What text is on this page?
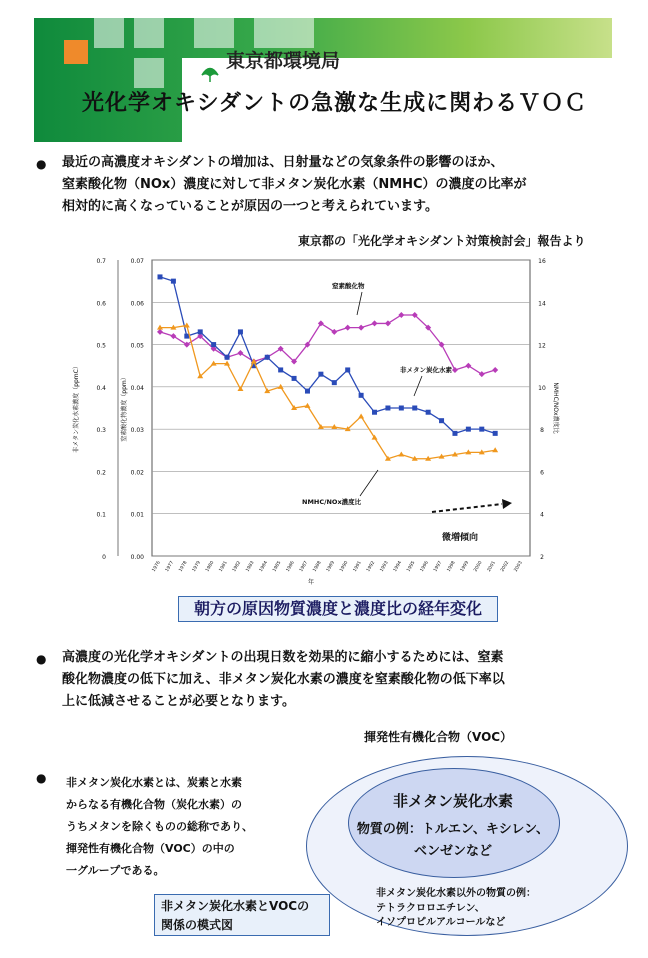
東京都環境局
光化学オキシダントの急激な生成に関わるＶＯＣ
● 最近の高濃度オキシダントの増加は、日射量などの気象条件の影響のほか、
窒素酸化物（NOx）濃度に対して非メタン炭化水素（NMHC）の濃度の比率が
相対的に高くなっていることが原因の一つと考えられています。
東京都の「光化学オキシダント対策検討会」報告より
0.7	0.07	16
0.6	0.06	14
0.5	0.05	12
0.4	0.04	10
0.3	0.03	8
0.2	0.02	6
0.1	0.01	4
0	0.00	2
非メタン炭化水素濃度（ppmC）	窒素酸化物濃度（ppm）	NMHC/NOx濃度比
1976 1977 1978 1979 1980 1981 1982 1983 1984 1985 1986 1987 1988 1989 1990 1991 1992 1993 1994 1995 1996 1997 1998 1999 2000 2001 2002 2003
年
窒素酸化物
非メタン炭化水素
NMHC/NOx濃度比
微増傾向
朝方の原因物質濃度と濃度比の経年変化
● 高濃度の光化学オキシダントの出現日数を効果的に縮小するためには、窒素
酸化物濃度の低下に加え、非メタン炭化水素の濃度を窒素酸化物の低下率以
上に低減させることが必要となります。
揮発性有機化合物（VOC）
非メタン炭化水素
物質の例：トルエン、キシレン、
ベンゼンなど
非メタン炭化水素以外の物質の例：
テトラクロロエチレン、
イソプロピルアルコールなど
● 非メタン炭化水素とは、炭素と水素
からなる有機化合物（炭化水素）の
うちメタンを除くものの総称であり、
揮発性有機化合物（VOC）の中の
一グループである。
非メタン炭化水素とVOCの
関係の模式図
